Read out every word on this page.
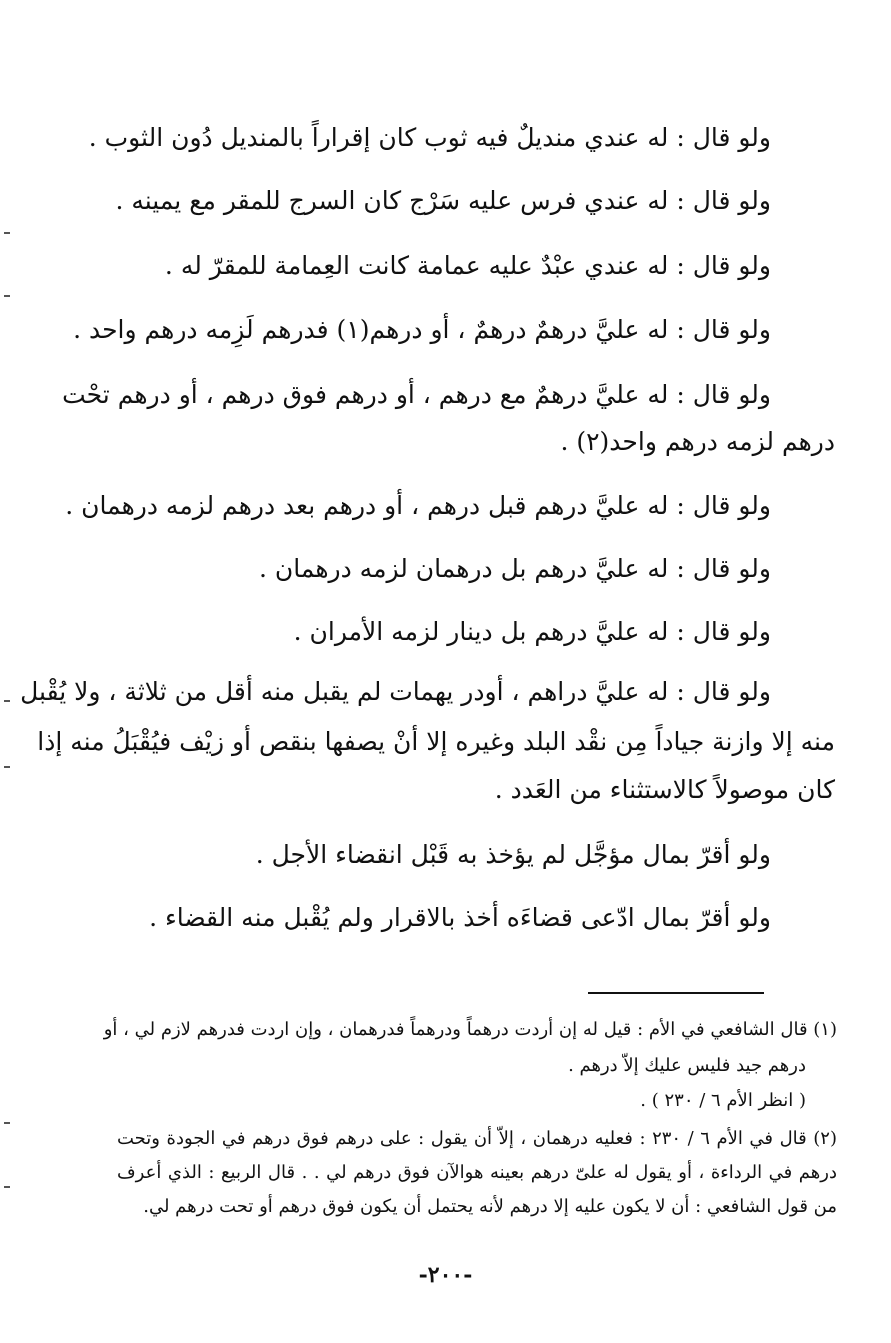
ولو قال : له عندي منديلٌ فيه ثوب كان إقراراً بالمنديل دُون الثوب .
ولو قال : له عندي فرس عليه سَرْج كان السرج للمقر مع يمينه .
ولو قال : له عندي عبْدٌ عليه عمامة كانت العِمامة للمقرّ له .
ولو قال : له عليَّ درهمٌ درهمٌ ، أو درهم(١) فدرهم لَزِمه درهم واحد .
ولو قال : له عليَّ درهمٌ مع درهم ، أو درهم فوق درهم ، أو درهم تحْت
درهم لزمه درهم واحد(٢) .
ولو قال : له عليَّ درهم قبل درهم ، أو درهم بعد درهم لزمه درهمان .
ولو قال : له عليَّ درهم بل درهمان لزمه درهمان .
ولو قال : له عليَّ درهم بل دينار لزمه الأمران .
ولو قال : له عليَّ دراهم ، أودر يهمات لم يقبل منه أقل من ثلاثة ، ولا يُقْبل
منه إلا وازنة جياداً مِن نقْد البلد وغيره إلا أنْ يصفها بنقص أو زيْف فيُقْبَلُ منه إذا
كان موصولاً كالاستثناء من العَدد .
ولو أقرّ بمال مؤجَّل لم يؤخذ به قَبْل انقضاء الأجل .
ولو أقرّ بمال ادّعى قضاءَه أخذ بالاقرار ولم يُقْبل منه القضاء .
(١) قال الشافعي في الأم : قيل له إن أردت درهماً ودرهماً فدرهمان ، وإن اردت فدرهم لازم لي ، أو
درهم جيد فليس عليك إلاّ درهم .
( انظر الأم ٦ / ٢٣٠ ) .
(٢) قال في الأم ٦ / ٢٣٠ : فعليه درهمان ، إلاّ أن يقول : على درهم فوق درهم في الجودة وتحت
درهم في الرداءة ، أو يقول له علىّ درهم بعينه هوالآن فوق درهم لي . . قال الربيع : الذي أعرف
من قول الشافعي : أن لا يكون عليه إلا درهم لأنه يحتمل أن يكون فوق درهم أو تحت درهم لي.
-٢٠٠-
